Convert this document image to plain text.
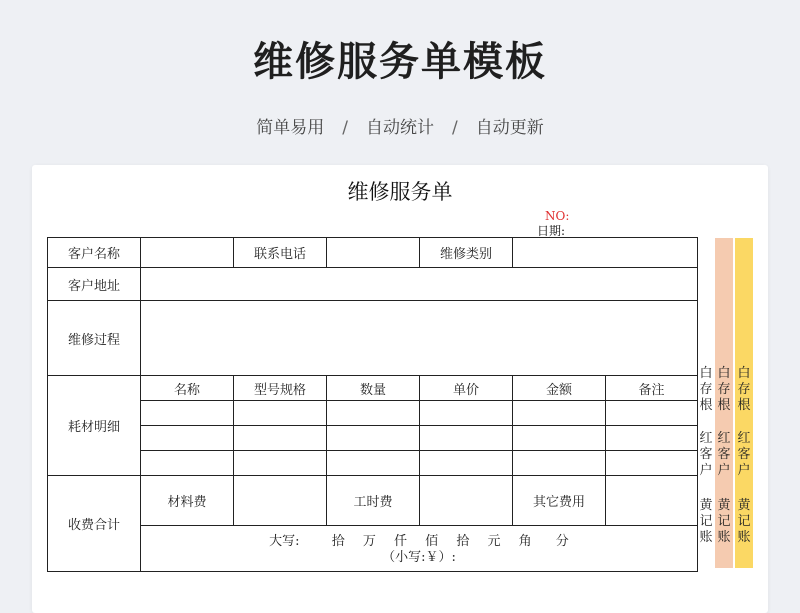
维修服务单模板
简单易用 / 自动统计 / 自动更新
维修服务单
NO:
日期:
客户名称		联系电话		维修类别		
客户地址						
维修过程						
耗材明细	名称	型号规格	数量	单价	金额	备注

收费合计	材料费		工时费		其它费用	

	大写: 拾 万 仟 佰 拾 元 角 分
（小写:￥）:					
白
存
根
红
客
户
黄
记
账
白
存
根
红
客
户
黄
记
账
白
存
根
红
客
户
黄
记
账
